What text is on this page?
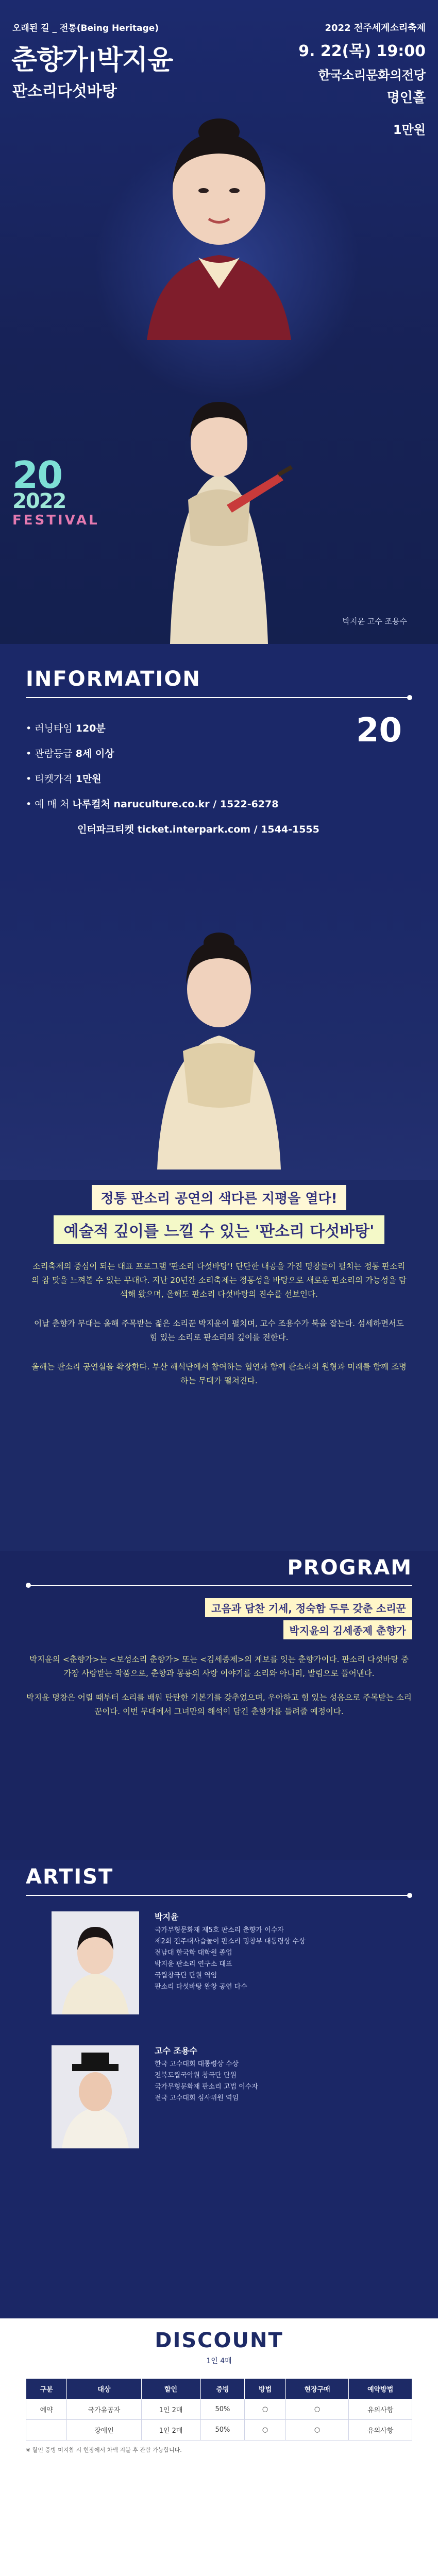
오래된 길 _ 전통(Being Heritage)
춘향가 박지윤
판소리다섯바탕
2022 전주세계소리축제
9. 22(목) 19:00
한국소리문화의전당
명인홀
1만원
20
2022
FESTIVAL
박지윤 고수 조용수
INFORMATION
• 러닝타임 120분
• 관람등급 8세 이상
• 티켓가격 1만원
• 예 매 처 나루컬처 naruculture.co.kr / 1522-6278
인터파크티켓 ticket.interpark.com / 1544-1555
20
정통 판소리 공연의 색다른 지평을 열다!
예술적 깊이를 느낄 수 있는 '판소리 다섯바탕'

소리축제의 중심이 되는 대표 프로그램 '판소리 다섯바탕'! 단단한 내공을 가진 명창들이 펼치는 정통 판소리의 참 맛을 느껴볼 수 있는 무대다. 지난 20년간 소리축제는 정통성을 바탕으로 새로운 판소리의 가능성을 탐색해 왔으며, 올해도 판소리 다섯바탕의 진수를 선보인다.

이날 춘향가 무대는 올해 주목받는 젊은 소리꾼 박지윤이 펼치며, 고수 조용수가 북을 잡는다. 섬세하면서도 힘 있는 소리로 판소리의 깊이를 전한다.

올해는 판소리 공연실을 확장한다. 부산 해석단에서 참여하는 협연과 함께 판소리의 원형과 미래를 함께 조명하는 무대가 펼쳐진다.

PROGRAM
고음과 담찬 기세, 정숙함 두루 갖춘 소리꾼
박지윤의 김세종제 춘향가

박지윤의 <춘향가>는 <보성소리 춘향가> 또는 <김세종제>의 계보를 잇는 춘향가이다. 판소리 다섯바탕 중 가장 사랑받는 작품으로, 춘향과 몽룡의 사랑 이야기를 소리와 아니리, 발림으로 풀어낸다.

박지윤 명창은 어릴 때부터 소리를 배워 탄탄한 기본기를 갖추었으며, 우아하고 힘 있는 성음으로 주목받는 소리꾼이다. 이번 무대에서 그녀만의 해석이 담긴 춘향가를 들려줄 예정이다.

ARTIST
박지윤
국가무형문화재 제5호 판소리 춘향가 이수자
제2회 전주대사습놀이 판소리 명창부 대통령상 수상
전남대 한국학 대학원 졸업
박지윤 판소리 연구소 대표
국립창극단 단원 역임
판소리 다섯바탕 완창 공연 다수
고수 조용수
한국 고수대회 대통령상 수상
전북도립국악원 창극단 단원
국가무형문화재 판소리 고법 이수자
전국 고수대회 심사위원 역임
DISCOUNT
1인 4매
구분	대상	할인	증빙	방법	현장구매	예약방법
예약	국가유공자	1인 2매	50%	○	○	유의사항
	장애인	1인 2매	50%	○	○	유의사항
※ 할인 증빙 미지참 시 현장에서 차액 지불 후 관람 가능합니다.
